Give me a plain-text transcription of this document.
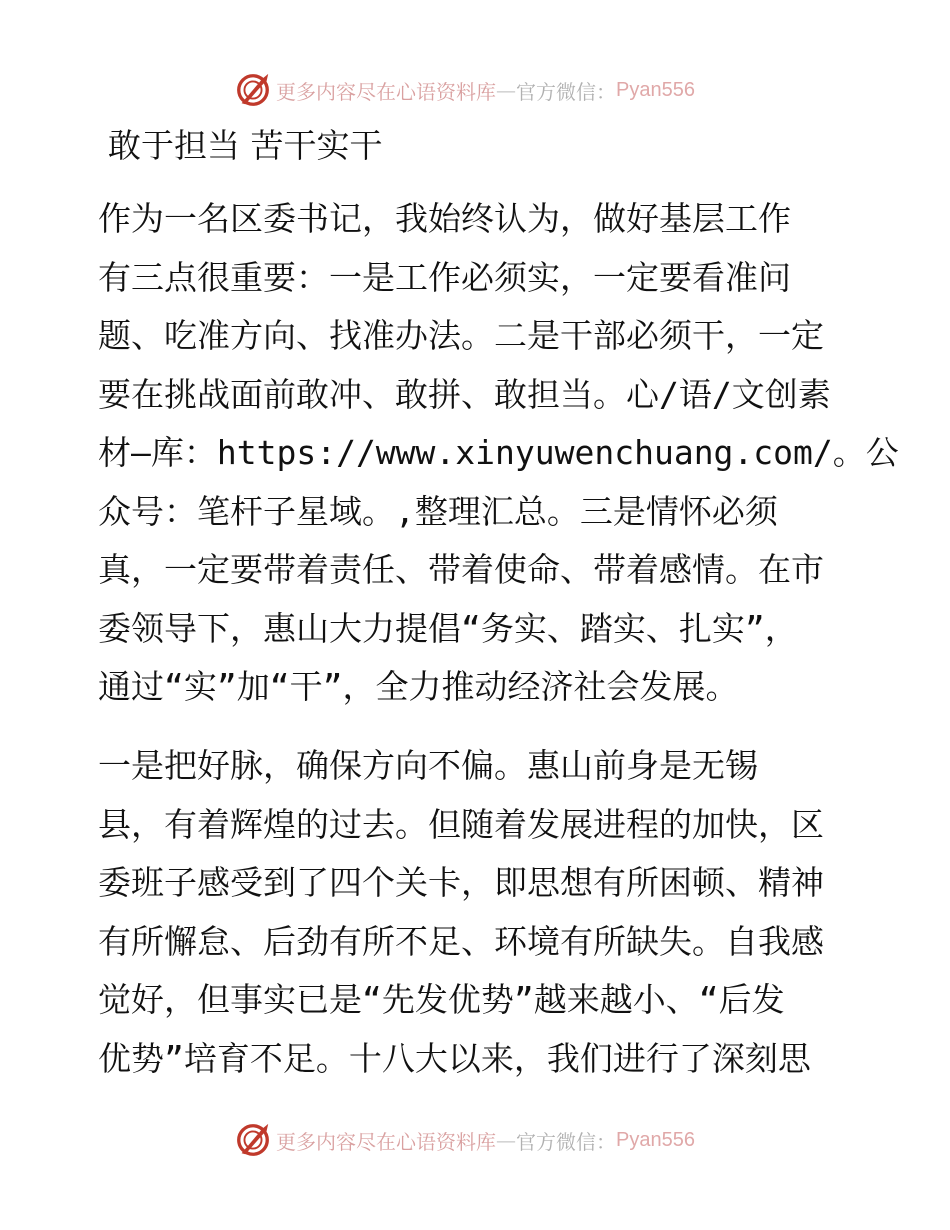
更多内容尽在心语资料库 — 官方微信： Pyan556
敢于担当 苦干实干

作为一名区委书记，我始终认为，做好基层工作
有三点很重要：一是工作必须实，一定要看准问
题、吃准方向、找准办法。二是干部必须干，一定
要在挑战面前敢冲、敢拼、敢担当。心/语/文创素
材—库：https://www.xinyuwenchuang.com/。公
众号：笔杆子星域。,整理汇总。三是情怀必须
真，一定要带着责任、带着使命、带着感情。在市
委领导下，惠山大力提倡“务实、踏实、扎实”，
通过“实”加“干”，全力推动经济社会发展。

一是把好脉，确保方向不偏。惠山前身是无锡
县，有着辉煌的过去。但随着发展进程的加快，区
委班子感受到了四个关卡，即思想有所困顿、精神
有所懈怠、后劲有所不足、环境有所缺失。自我感
觉好，但事实已是“先发优势”越来越小、“后发
优势”培育不足。十八大以来，我们进行了深刻思

更多内容尽在心语资料库 — 官方微信： Pyan556
